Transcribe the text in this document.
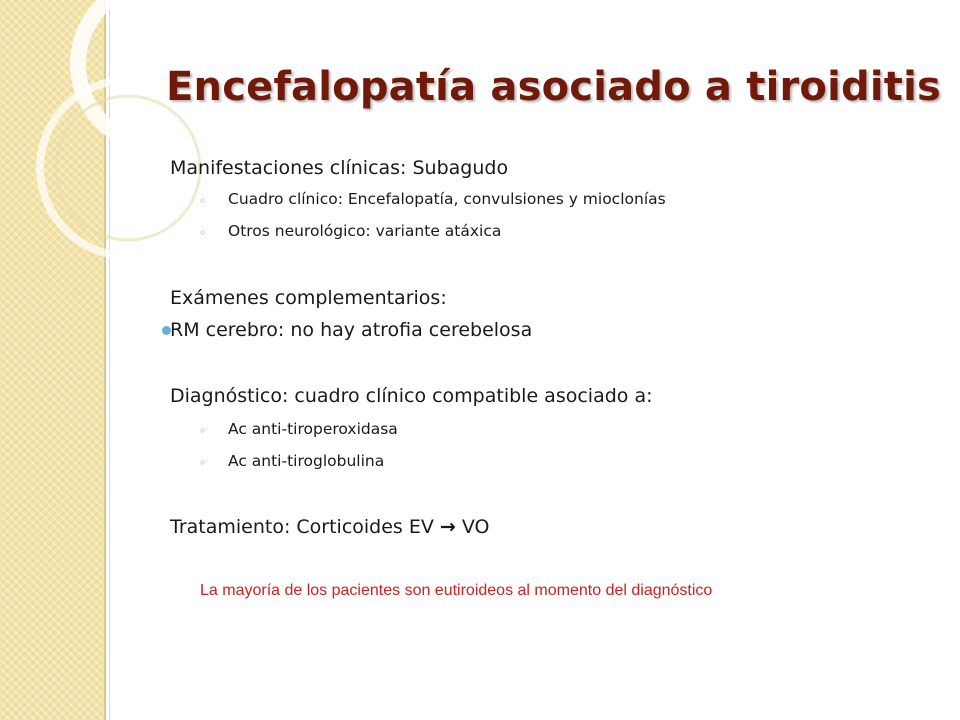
Encefalopatía asociado a tiroiditis
Manifestaciones clínicas: Subagudo
◦ Cuadro clínico: Encefalopatía, convulsiones y mioclonías
◦ Otros neurológico: variante atáxica
Exámenes complementarios:
RM cerebro: no hay atrofia cerebelosa
Diagnóstico: cuadro clínico compatible asociado a:
◦ Ac anti-tiroperoxidasa
◦ Ac anti-tiroglobulina
Tratamiento: Corticoides EV → VO
La mayoría de los pacientes son eutiroideos al momento del diagnóstico
